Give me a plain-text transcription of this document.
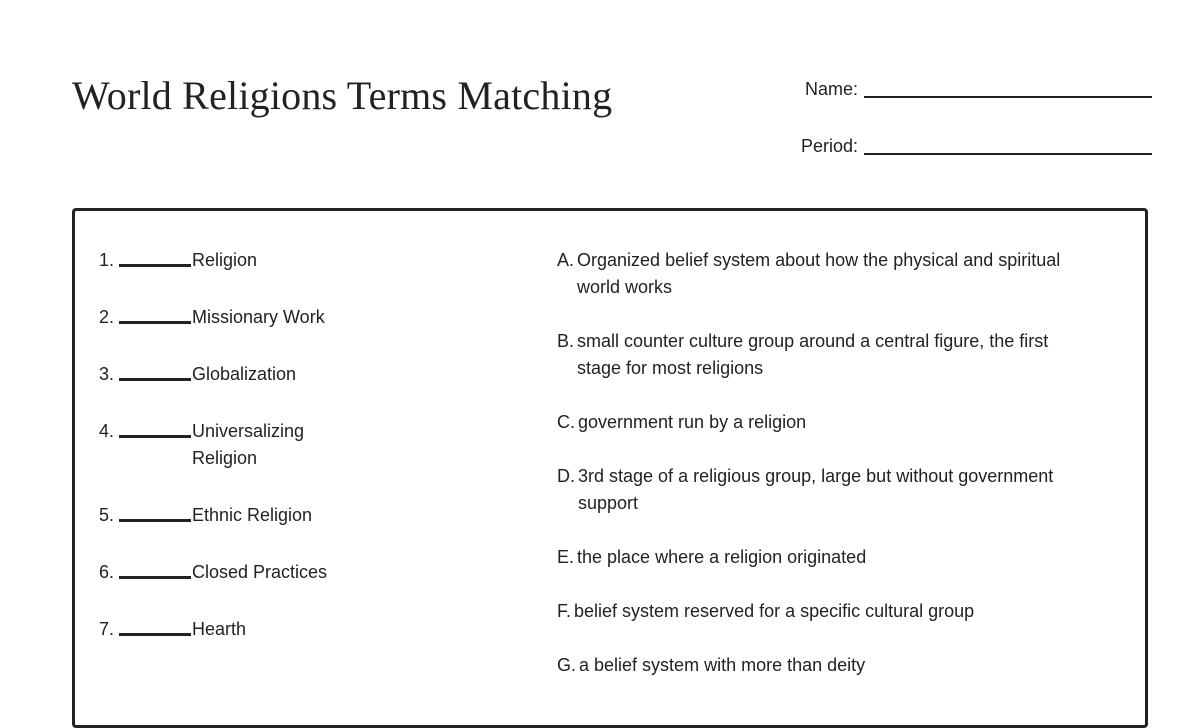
World Religions Terms Matching	Name:
Period:
1.	Religion
2.	Missionary Work
3.	Globalization
4.	Universalizing Religion
5.	Ethnic Religion
6.	Closed Practices
7.	Hearth
A. Organized belief system about how the physical and spiritual world works
B. small counter culture group around a central figure, the first stage for most religions
C. government run by a religion
D. 3rd stage of a religious group, large but without government support
E. the place where a religion originated
F. belief system reserved for a specific cultural group
G. a belief system with more than deity
